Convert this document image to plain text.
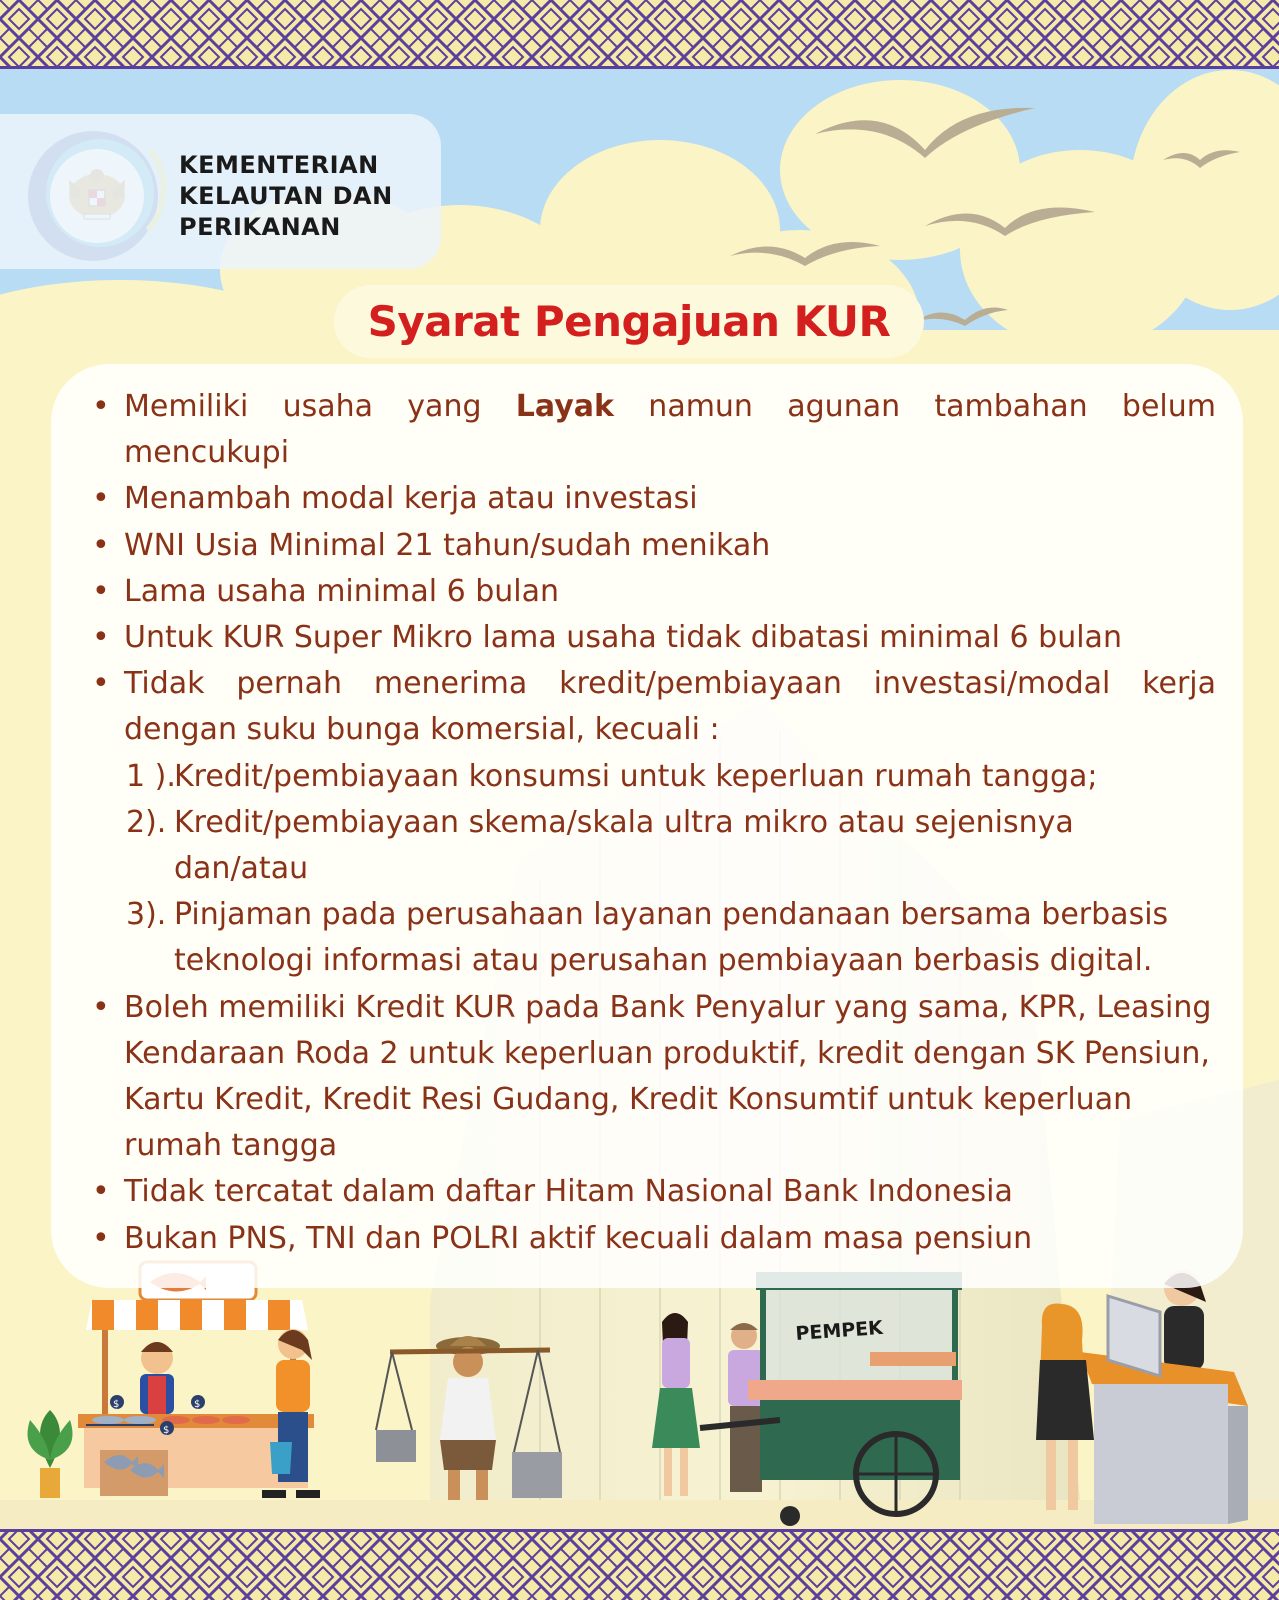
KEMENTERIAN
KELAUTAN DAN
PERIKANAN
Syarat Pengajuan KUR
• Memiliki usaha yang Layak namun agunan tambahan belum mencukupi
• Menambah modal kerja atau investasi
• WNI Usia Minimal 21 tahun/sudah menikah
• Lama usaha minimal 6 bulan
• Untuk KUR Super Mikro lama usaha tidak dibatasi minimal 6 bulan
• Tidak pernah menerima kredit/pembiayaan investasi/modal kerja dengan suku bunga komersial, kecuali :
1 ).
Kredit/pembiayaan konsumsi untuk keperluan rumah tangga;
2). Kredit/pembiayaan skema/skala ultra mikro atau sejenisnya dan/atau
3). Pinjaman pada perusahaan layanan pendanaan bersama berbasis teknologi informasi atau perusahan pembiayaan berbasis digital.
• Boleh memiliki Kredit KUR pada Bank Penyalur yang sama, KPR, Leasing Kendaraan Roda 2 untuk keperluan produktif, kredit dengan SK Pensiun, Kartu Kredit, Kredit Resi Gudang, Kredit Konsumtif untuk keperluan rumah tangga
• Tidak tercatat dalam daftar Hitam Nasional Bank Indonesia
• Bukan PNS, TNI dan POLRI aktif kecuali dalam masa pensiun
PEMPEK
$
$
$
